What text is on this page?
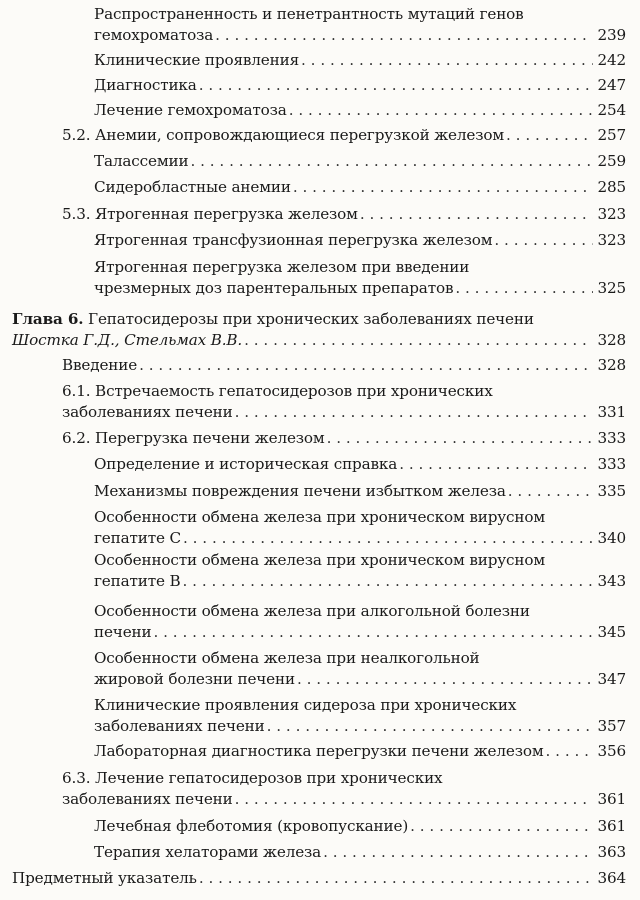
Распространенность и пенетрантность мутаций генов
гемохроматоза . . .	239
Клинические проявления . . .	242
Диагностика . . .	247
Лечение гемохроматоза . . .	254
5.2. Анемии, сопровождающиеся перегрузкой железом . . .	257
Талассемии . . .	259
Сидеробластные анемии . . .	285
5.3. Ятрогенная перегрузка железом . . .	323
Ятрогенная трансфузионная перегрузка железом . . .	323
Ятрогенная перегрузка железом при введении
чрезмерных доз парентеральных препаратов . . .	325
Глава 6. Гепатосидерозы при хронических заболеваниях печени
Шостка Г.Д., Стельмах В.В. . . .	328
Введение . . .	328
6.1. Встречаемость гепатосидерозов при хронических
заболеваниях печени . . .	331
6.2. Перегрузка печени железом . . .	333
Определение и историческая справка . . .	333
Механизмы повреждения печени избытком железа . . .	335
Особенности обмена железа при хроническом вирусном
гепатите С . . .	340
Особенности обмена железа при хроническом вирусном
гепатите В . . .	343
Особенности обмена железа при алкогольной болезни
печени . . .	345
Особенности обмена железа при неалкогольной
жировой болезни печени . . .	347
Клинические проявления сидероза при хронических
заболеваниях печени . . .	357
Лабораторная диагностика перегрузки печени железом . . .	356
6.3. Лечение гепатосидерозов при хронических
заболеваниях печени . . .	361
Лечебная флеботомия (кровопускание) . . .	361
Терапия хелаторами железа . . .	363
Предметный указатель . . .	364
